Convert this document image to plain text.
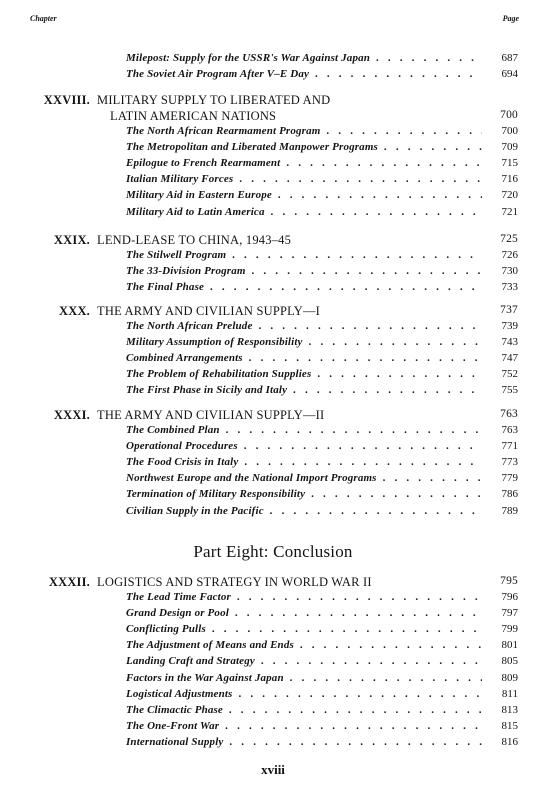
Chapter	Page
Milepost: Supply for the USSR's War Against Japan . . .	687
The Soviet Air Program After V–E Day . . .	694
XXVIII. MILITARY SUPPLY TO LIBERATED AND
LATIN AMERICAN NATIONS	700
The North African Rearmament Program . . .	700
The Metropolitan and Liberated Manpower Programs . . .	709
Epilogue to French Rearmament . . .	715
Italian Military Forces . . .	716
Military Aid in Eastern Europe . . .	720
Military Aid to Latin America . . .	721
XXIX. LEND-LEASE TO CHINA, 1943–45	725
The Stilwell Program . . .	726
The 33-Division Program . . .	730
The Final Phase . . .	733
XXX. THE ARMY AND CIVILIAN SUPPLY—I	737
The North African Prelude . . .	739
Military Assumption of Responsibility . . .	743
Combined Arrangements . . .	747
The Problem of Rehabilitation Supplies . . .	752
The First Phase in Sicily and Italy . . .	755
XXXI. THE ARMY AND CIVILIAN SUPPLY—II	763
The Combined Plan . . .	763
Operational Procedures . . .	771
The Food Crisis in Italy . . .	773
Northwest Europe and the National Import Programs . . .	779
Termination of Military Responsibility . . .	786
Civilian Supply in the Pacific . . .	789
XXXII. LOGISTICS AND STRATEGY IN WORLD WAR II	795
The Lead Time Factor . . .	796
Grand Design or Pool . . .	797
Conflicting Pulls . . .	799
The Adjustment of Means and Ends . . .	801
Landing Craft and Strategy . . .	805
Factors in the War Against Japan . . .	809
Logistical Adjustments . . .	811
The Climactic Phase . . .	813
The One-Front War . . .	815
International Supply . . .	816
Part Eight: Conclusion
xviii
